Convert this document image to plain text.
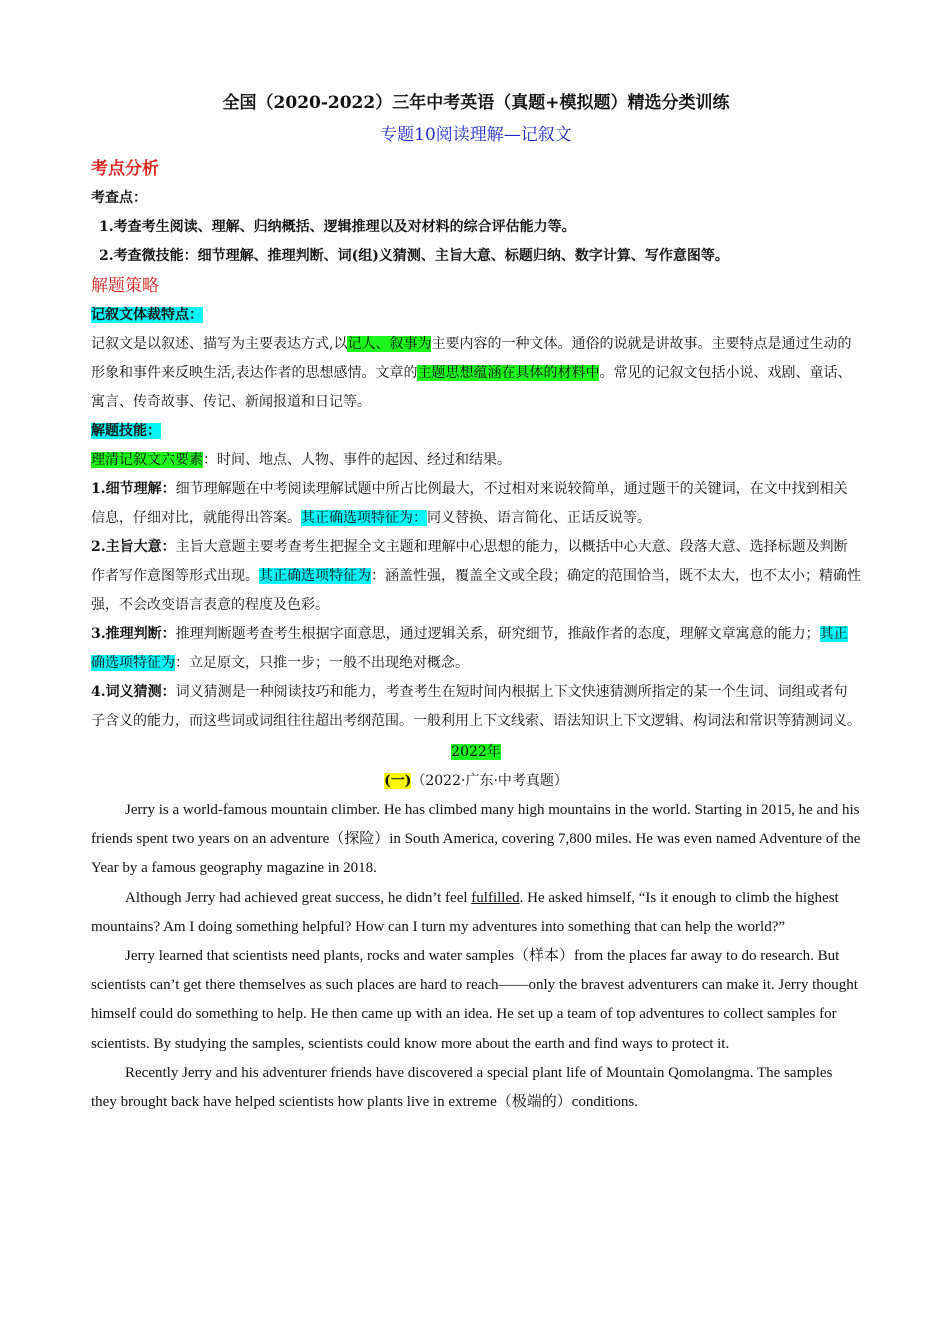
全国（2020-2022）三年中考英语（真题+模拟题）精选分类训练
专题10阅读理解—记叙文
考点分析
考查点：
1.考查考生阅读、理解、归纳概括、逻辑推理以及对材料的综合评估能力等。
2.考查微技能：细节理解、推理判断、词(组)义猜测、主旨大意、标题归纳、数字计算、写作意图等。
解题策略
记叙文体裁特点：
记叙文是以叙述、描写为主要表达方式,以记人、叙事为主要内容的一种文体。通俗的说就是讲故事。主要特点是通过生动的形象和事件来反映生活,表达作者的思想感情。文章的主题思想蕴涵在具体的材料中。常见的记叙文包括小说、戏剧、童话、寓言、传奇故事、传记、新闻报道和日记等。
解题技能：
理清记叙文六要素：时间、地点、人物、事件的起因、经过和结果。
1.细节理解：细节理解题在中考阅读理解试题中所占比例最大，不过相对来说较简单，通过题干的关键词，在文中找到相关信息，仔细对比，就能得出答案。其正确选项特征为：同义替换、语言简化、正话反说等。
2.主旨大意：主旨大意题主要考查考生把握全文主题和理解中心思想的能力，以概括中心大意、段落大意、选择标题及判断作者写作意图等形式出现。其正确选项特征为：涵盖性强，覆盖全文或全段；确定的范围恰当，既不太大，也不太小；精确性强，不会改变语言表意的程度及色彩。
3.推理判断：推理判断题考查考生根据字面意思，通过逻辑关系，研究细节，推敲作者的态度，理解文章寓意的能力；其正确选项特征为：立足原文，只推一步；一般不出现绝对概念。
4.词义猜测：词义猜测是一种阅读技巧和能力，考查考生在短时间内根据上下文快速猜测所指定的某一个生词、词组或者句子含义的能力，而这些词或词组往往超出考纲范围。一般利用上下文线索、语法知识上下文逻辑、构词法和常识等猜测词义。
2022年
(一)（2022·广东·中考真题）
Jerry is a world-famous mountain climber. He has climbed many high mountains in the world. Starting in 2015, he and his friends spent two years on an adventure（探险）in South America, covering 7,800 miles. He was even named Adventure of the Year by a famous geography magazine in 2018.
Although Jerry had achieved great success, he didn’t feel fulfilled. He asked himself, “Is it enough to climb the highest mountains? Am I doing something helpful? How can I turn my adventures into something that can help the world?”
Jerry learned that scientists need plants, rocks and water samples（样本）from the places far away to do research. But scientists can’t get there themselves as such places are hard to reach——only the bravest adventurers can make it. Jerry thought himself could do something to help. He then came up with an idea. He set up a team of top adventures to collect samples for scientists. By studying the samples, scientists could know more about the earth and find ways to protect it.
Recently Jerry and his adventurer friends have discovered a special plant life of Mountain Qomolangma. The samples they brought back have helped scientists how plants live in extreme（极端的）conditions.
